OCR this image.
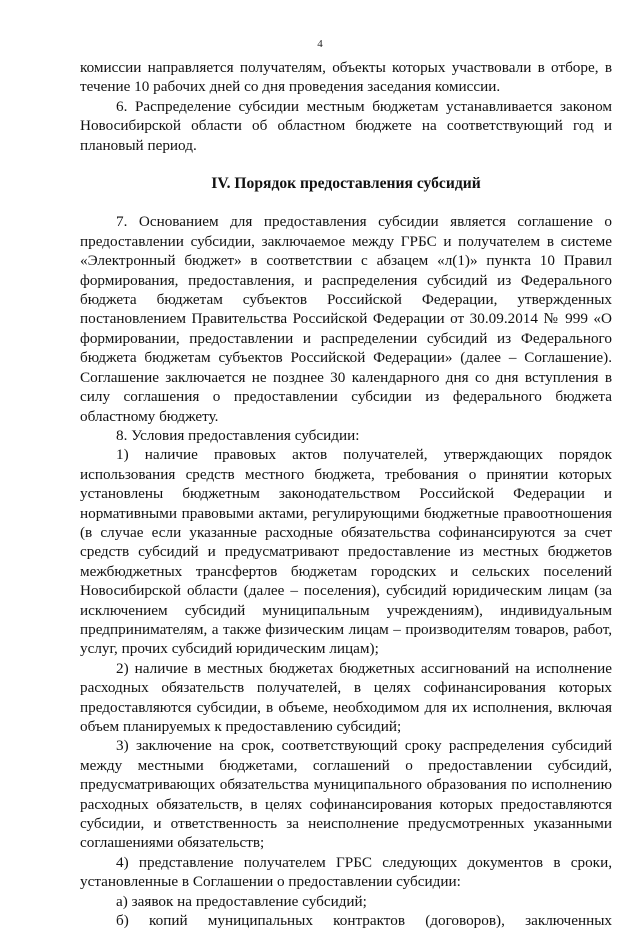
4

комиссии направляется получателям, объекты которых участвовали в отборе, в течение 10 рабочих дней со дня проведения заседания комиссии.

6. Распределение субсидии местным бюджетам устанавливается законом Новосибирской области об областном бюджете на соответствующий год и плановый период.

IV. Порядок предоставления субсидий

7. Основанием для предоставления субсидии является соглашение о предоставлении субсидии, заключаемое между ГРБС и получателем в системе «Электронный бюджет» в соответствии с абзацем «л(1)» пункта 10 Правил формирования, предоставления, и распределения субсидий из Федерального бюджета бюджетам субъектов Российской Федерации, утвержденных постановлением Правительства Российской Федерации от 30.09.2014 № 999 «О формировании, предоставлении и распределении субсидий из Федерального бюджета бюджетам субъектов Российской Федерации» (далее – Соглашение). Соглашение заключается не позднее 30 календарного дня со дня вступления в силу соглашения о предоставлении субсидии из федерального бюджета областному бюджету.

8. Условия предоставления субсидии:

1) наличие правовых актов получателей, утверждающих порядок использования средств местного бюджета, требования о принятии которых установлены бюджетным законодательством Российской Федерации и нормативными правовыми актами, регулирующими бюджетные правоотношения (в случае если указанные расходные обязательства софинансируются за счет средств субсидий и предусматривают предоставление из местных бюджетов межбюджетных трансфертов бюджетам городских и сельских поселений Новосибирской области (далее – поселения), субсидий юридическим лицам (за исключением субсидий муниципальным учреждениям), индивидуальным предпринимателям, а также физическим лицам – производителям товаров, работ, услуг, прочих субсидий юридическим лицам);

2) наличие в местных бюджетах бюджетных ассигнований на исполнение расходных обязательств получателей, в целях софинансирования которых предоставляются субсидии, в объеме, необходимом для их исполнения, включая объем планируемых к предоставлению субсидий;

3) заключение на срок, соответствующий сроку распределения субсидий между местными бюджетами, соглашений о предоставлении субсидий, предусматривающих обязательства муниципального образования по исполнению расходных обязательств, в целях софинансирования которых предоставляются субсидии, и ответственность за неисполнение предусмотренных указанными соглашениями обязательств;

4) представление получателем ГРБС следующих документов в сроки, установленные в Соглашении о предоставлении субсидии:

а) заявок на предоставление субсидий;

б) копий муниципальных контрактов (договоров), заключенных
